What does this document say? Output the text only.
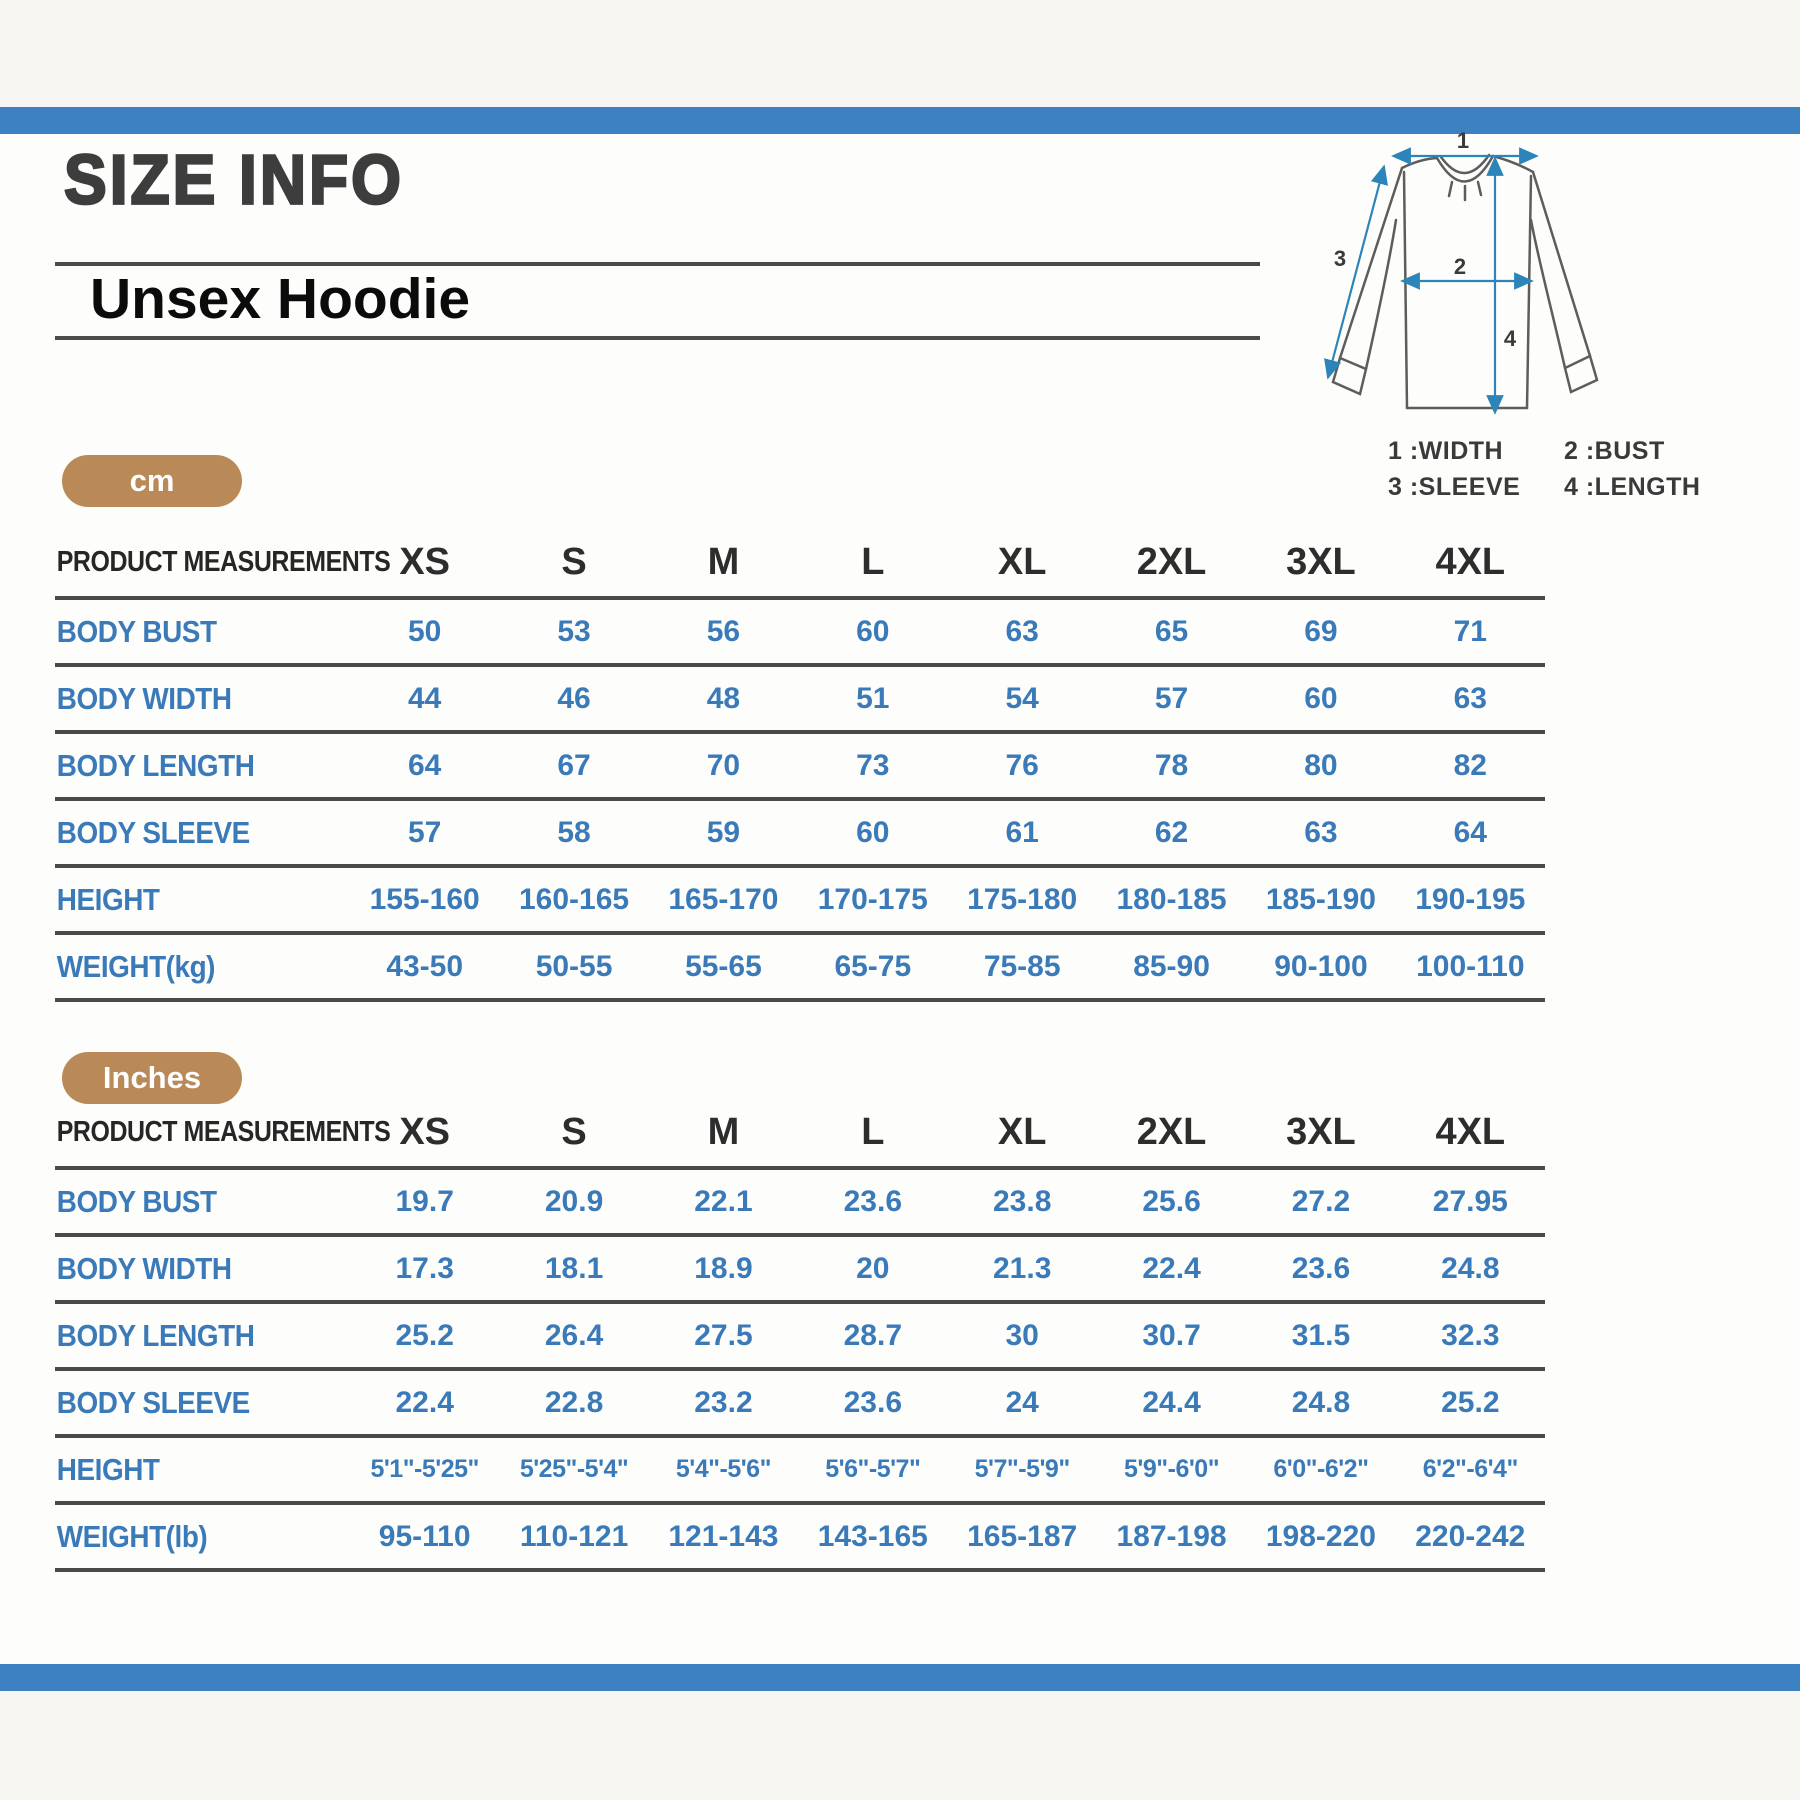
SIZE INFO
Unsex Hoodie
1
2
3
4
1 :WIDTH	2 :BUST
3 :SLEEVE	4 :LENGTH
cm
PRODUCT MEASUREMENTS XS	S	M	L	XL	2XL	3XL	4XL
BODY BUST	50	53	56	60	63	65	69	71
BODY WIDTH	44	46	48	51	54	57	60	63
BODY LENGTH	64	67	70	73	76	78	80	82
BODY SLEEVE	57	58	59	60	61	62	63	64
HEIGHT	155-160	160-165	165-170	170-175	175-180	180-185	185-190	190-195
WEIGHT(kg)	43-50	50-55	55-65	65-75	75-85	85-90	90-100	100-110
Inches
PRODUCT MEASUREMENTS XS	S	M	L	XL	2XL	3XL	4XL
BODY BUST	19.7	20.9	22.1	23.6	23.8	25.6	27.2	27.95
BODY WIDTH	17.3	18.1	18.9	20	21.3	22.4	23.6	24.8
BODY LENGTH	25.2	26.4	27.5	28.7	30	30.7	31.5	32.3
BODY SLEEVE	22.4	22.8	23.2	23.6	24	24.4	24.8	25.2
HEIGHT	5'1"-5'25"	5'25"-5'4"	5'4"-5'6"	5'6"-5'7"	5'7"-5'9"	5'9"-6'0"	6'0"-6'2"	6'2"-6'4"
WEIGHT(lb)	95-110	110-121	121-143	143-165	165-187	187-198	198-220	220-242
